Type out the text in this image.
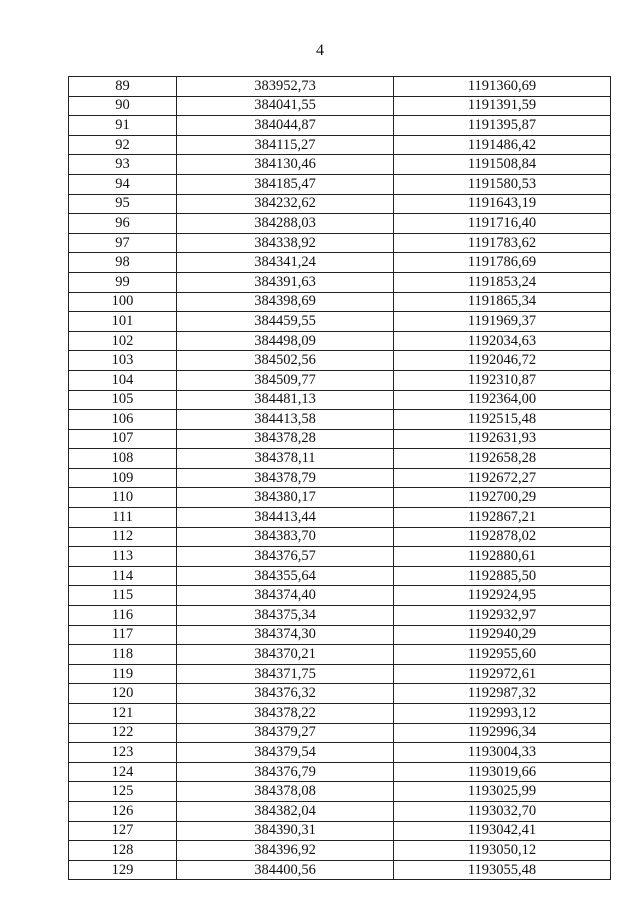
4
89	383952,73	1191360,69
90	384041,55	1191391,59
91	384044,87	1191395,87
92	384115,27	1191486,42
93	384130,46	1191508,84
94	384185,47	1191580,53
95	384232,62	1191643,19
96	384288,03	1191716,40
97	384338,92	1191783,62
98	384341,24	1191786,69
99	384391,63	1191853,24
100	384398,69	1191865,34
101	384459,55	1191969,37
102	384498,09	1192034,63
103	384502,56	1192046,72
104	384509,77	1192310,87
105	384481,13	1192364,00
106	384413,58	1192515,48
107	384378,28	1192631,93
108	384378,11	1192658,28
109	384378,79	1192672,27
110	384380,17	1192700,29
111	384413,44	1192867,21
112	384383,70	1192878,02
113	384376,57	1192880,61
114	384355,64	1192885,50
115	384374,40	1192924,95
116	384375,34	1192932,97
117	384374,30	1192940,29
118	384370,21	1192955,60
119	384371,75	1192972,61
120	384376,32	1192987,32
121	384378,22	1192993,12
122	384379,27	1192996,34
123	384379,54	1193004,33
124	384376,79	1193019,66
125	384378,08	1193025,99
126	384382,04	1193032,70
127	384390,31	1193042,41
128	384396,92	1193050,12
129	384400,56	1193055,48
